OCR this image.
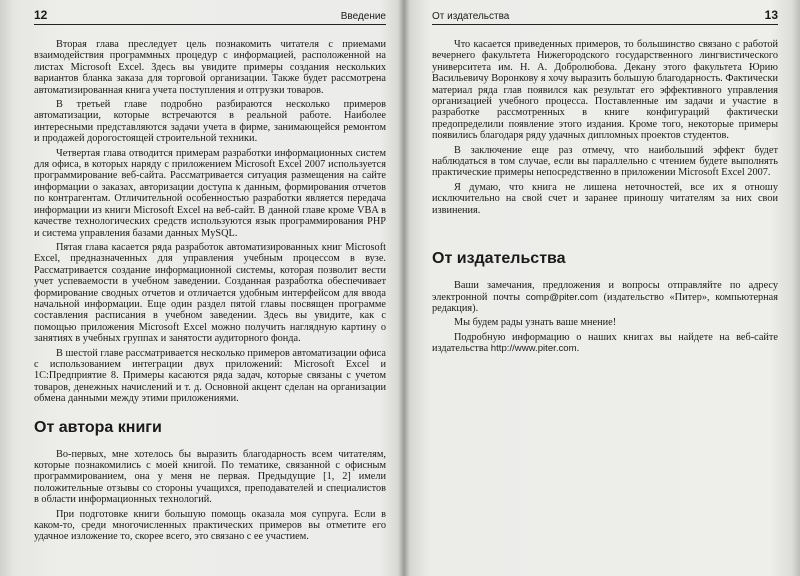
12	Введение

Вторая глава преследует цель познакомить читателя с приемами взаимодействия программных процедур с информацией, расположенной на листах Microsoft Excel. Здесь вы увидите примеры создания нескольких вариантов бланка заказа для торговой организации. Также будет рассмотрена автоматизированная книга учета поступления и отгрузки товаров.

В третьей главе подробно разбираются несколько примеров автоматизации, которые встречаются в реальной работе. Наиболее интересными представляются задачи учета в фирме, занимающейся ремонтом и продажей дорогостоящей строительной техники.

Четвертая глава отводится примерам разработки информационных систем для офиса, в которых наряду с приложением Microsoft Excel 2007 используется программирование веб-сайта. Рассматривается ситуация размещения на сайте информации о заказах, авторизации доступа к данным, формирования отчетов по контрагентам. Отличительной особенностью разработки является передача информации из книги Microsoft Excel на веб-сайт. В данной главе кроме VBA в качестве технологических средств используются язык программирования PHP и система управления базами данных MySQL.

Пятая глава касается ряда разработок автоматизированных книг Microsoft Excel, предназначенных для управления учебным процессом в вузе. Рассматривается создание информационной системы, которая позволит вести учет успеваемости в учебном заведении. Созданная разработка обеспечивает формирование сводных отчетов и отличается удобным интерфейсом для ввода начальной информации. Еще один раздел пятой главы посвящен программе составления расписания в учебном заведении. Здесь вы увидите, как с помощью приложения Microsoft Excel можно получить наглядную картину о занятиях в учебных группах и занятости аудиторного фонда.

В шестой главе рассматривается несколько примеров автоматизации офиса с использованием интеграции двух приложений: Microsoft Excel и 1С:Предприятие 8. Примеры касаются ряда задач, которые связаны с учетом товаров, денежных начислений и т. д. Основной акцент сделан на организации обмена данными между этими приложениями.

От автора книги

Во-первых, мне хотелось бы выразить благодарность всем читателям, которые познакомились с моей книгой. По тематике, связанной с офисным программированием, она у меня не первая. Предыдущие [1, 2] имели положительные отзывы со стороны учащихся, преподавателей и специалистов в области информационных технологий.

При подготовке книги большую помощь оказала моя супруга. Если в каком-то, среди многочисленных практических примеров вы отметите его удачное изложение то, скорее всего, это связано с ее участием.

От издательства	13

Что касается приведенных примеров, то большинство связано с работой вечернего факультета Нижегородского государственного лингвистического университета им. Н. А. Добролюбова. Декану этого факультета Юрию Васильевичу Воронкову я хочу выразить большую благодарность. Фактически материал ряда глав появился как результат его эффективного управления организацией учебного процесса. Поставленные им задачи и участие в разработке рассмотренных в книге конфигураций фактически предопределили появление этого издания. Кроме того, некоторые примеры появились благодаря ряду удачных дипломных проектов студентов.

В заключение еще раз отмечу, что наибольший эффект будет наблюдаться в том случае, если вы параллельно с чтением будете выполнять практические примеры непосредственно в приложении Microsoft Excel 2007.

Я думаю, что книга не лишена неточностей, все их я отношу исключительно на свой счет и заранее приношу читателям за них свои извинения.

От издательства

Ваши замечания, предложения и вопросы отправляйте по адресу электронной почты comp@piter.com (издательство «Питер», компьютерная редакция).

Мы будем рады узнать ваше мнение!

Подробную информацию о наших книгах вы найдете на веб-сайте издательства http://www.piter.com.
